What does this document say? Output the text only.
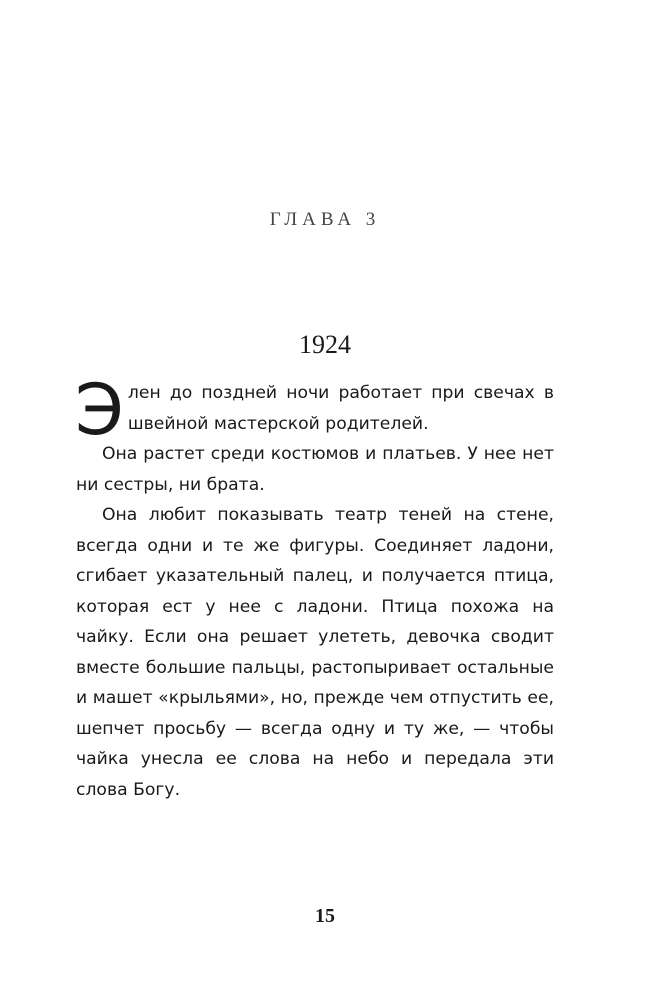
ГЛАВА 3
1924

Элен до поздней ночи работает при свечах в швейной мастерской родителей.

Она растет среди костюмов и платьев. У нее нет ни сестры, ни брата.

Она любит показывать театр теней на стене, всегда одни и те же фигуры. Соединяет ладони, сгибает указательный палец, и получается птица, которая ест у нее с ладони. Птица похожа на чайку. Если она решает улететь, девочка сводит вместе большие пальцы, растопыривает остальные и машет «крыльями», но, прежде чем отпустить ее, шепчет просьбу — всегда одну и ту же, — чтобы чайка унесла ее слова на небо и передала эти слова Богу.

15
